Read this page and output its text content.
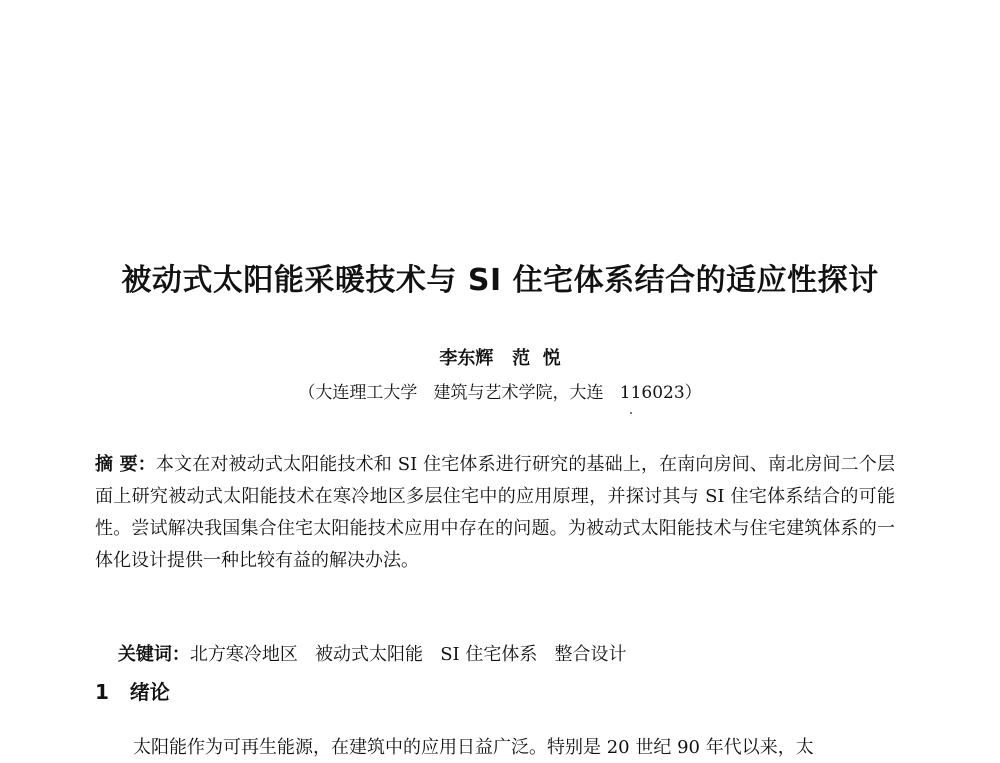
被动式太阳能采暖技术与 SI 住宅体系结合的适应性探讨
李东辉   范  悦
（大连理工大学   建筑与艺术学院，大连   116023）
摘 要：本文在对被动式太阳能技术和 SI 住宅体系进行研究的基础上，在南向房间、南北房间二个层面上研究被动式太阳能技术在寒冷地区多层住宅中的应用原理，并探讨其与 SI 住宅体系结合的可能性。尝试解决我国集合住宅太阳能技术应用中存在的问题。为被动式太阳能技术与住宅建筑体系的一体化设计提供一种比较有益的解决办法。

关键词：北方寒冷地区   被动式太阳能   SI 住宅体系   整合设计

1   绪论
太阳能作为可再生能源，在建筑中的应用日益广泛。特别是 20 世纪 90 年代以来，太
